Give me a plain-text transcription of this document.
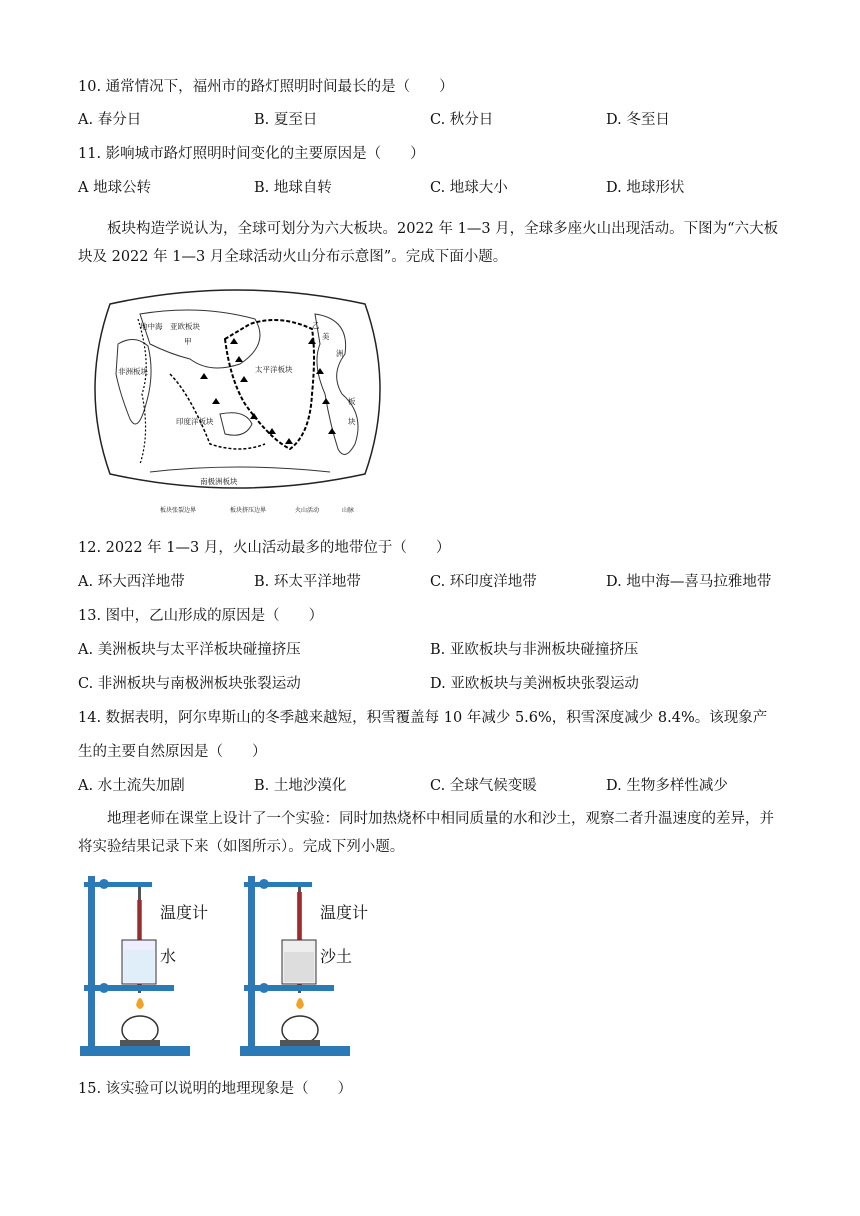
10. 通常情况下，福州市的路灯照明时间最长的是（　　）
A. 春分日	B. 夏至日	C. 秋分日	D. 冬至日
11. 影响城市路灯照明时间变化的主要原因是（　　）
A 地球公转	B. 地球自转	C. 地球大小	D. 地球形状
板块构造学说认为，全球可划分为六大板块。2022 年 1—3 月，全球多座火山出现活动。下图为“六大板块及 2022 年 1—3 月全球活动火山分布示意图”。完成下面小题。
地中海 亚欧板块
甲
非洲板块	太平洋板块
印度洋板块
南极洲板块
乙
美
洲
板
块
板块张裂边界	板块挤压边界	火山活动	山脉
12. 2022 年 1—3 月，火山活动最多的地带位于（　　）
A. 环大西洋地带	B. 环太平洋地带	C. 环印度洋地带	D. 地中海—喜马拉雅地带
13. 图中，乙山形成的原因是（　　）
A. 美洲板块与太平洋板块碰撞挤压	B. 亚欧板块与非洲板块碰撞挤压
C. 非洲板块与南极洲板块张裂运动	D. 亚欧板块与美洲板块张裂运动
14. 数据表明，阿尔卑斯山的冬季越来越短，积雪覆盖每 10 年减少 5.6%，积雪深度减少 8.4%。该现象产
生的主要自然原因是（　　）
A. 水土流失加剧	B. 土地沙漠化	C. 全球气候变暖	D. 生物多样性减少
地理老师在课堂上设计了一个实验：同时加热烧杯中相同质量的水和沙土，观察二者升温速度的差异，并将实验结果记录下来（如图所示）。完成下列小题。
温度计
水
温度计
沙土
15. 该实验可以说明的地理现象是（　　）
